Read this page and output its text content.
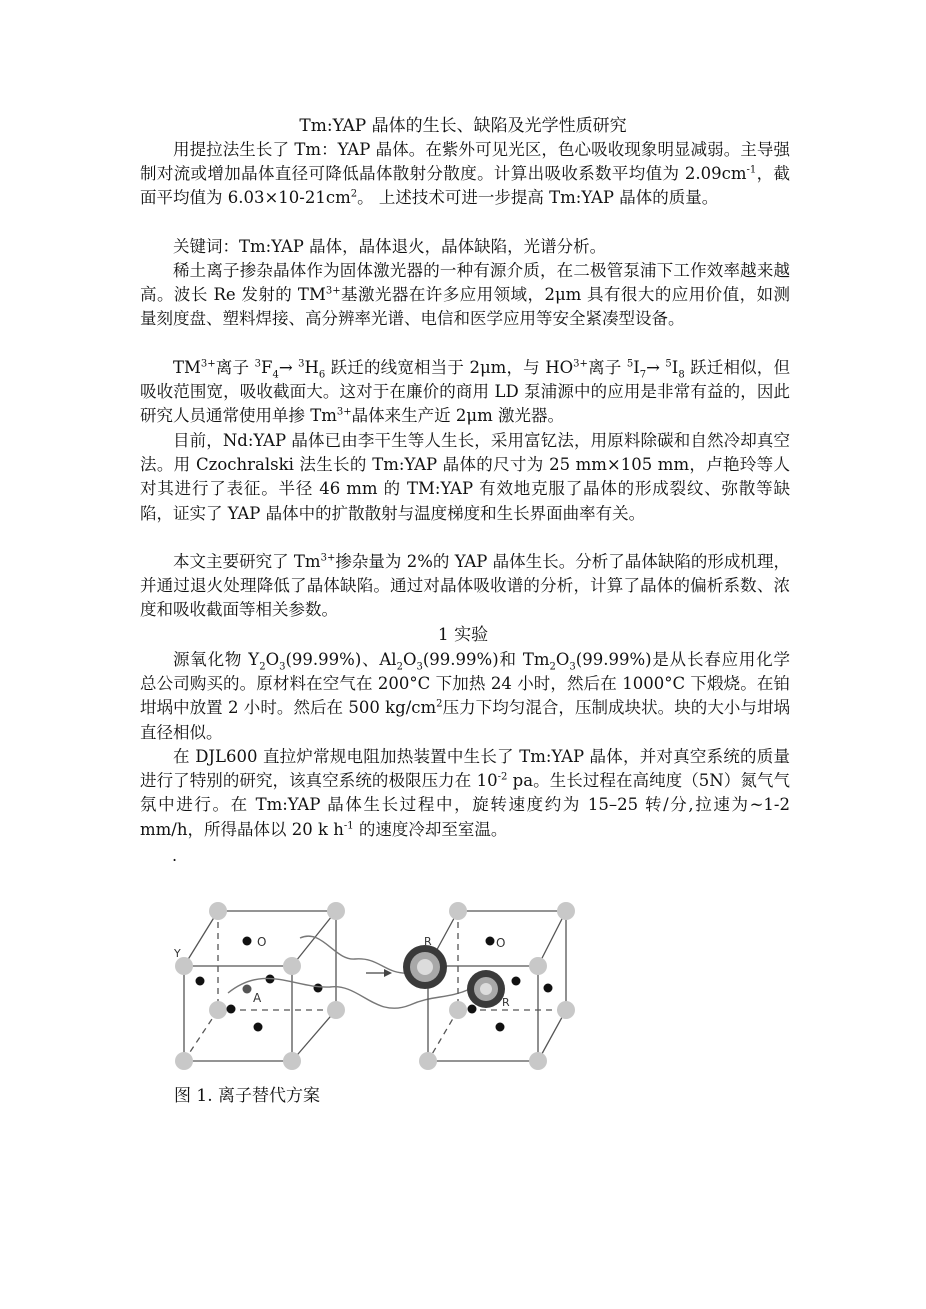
Tm:YAP 晶体的生长、缺陷及光学性质研究

用提拉法生长了 Tm：YAP 晶体。在紫外可见光区，色心吸收现象明显减弱。主导强制对流或增加晶体直径可降低晶体散射分散度。计算出吸收系数平均值为 $2.09cm^{-1}$，截面平均值为 $6.03\times 10-21cm^2$。 上述技术可进一步提高 Tm:YAP 晶体的质量。

关键词：Tm:YAP 晶体，晶体退火，晶体缺陷，光谱分析。

稀土离子掺杂晶体作为固体激光器的一种有源介质，在二极管泵浦下工作效率越来越高。波长 Re 发射的 $TM^{3+}$基激光器在许多应用领域，2μm 具有很大的应用价值，如测量刻度盘、塑料焊接、高分辨率光谱、电信和医学应用等安全紧凑型设备。

$TM^{3+}$离子 $^3F_4\to ^3H_6$ 跃迁的线宽相当于 2μm，与 $HO^{3+}$离子 $^5I_7\to ^5I_8$ 跃迁相似，但吸收范围宽，吸收截面大。这对于在廉价的商用 LD 泵浦源中的应用是非常有益的，因此研究人员通常使用单掺 $Tm^{3+}$晶体来生产近 2μm 激光器。

目前，Nd:YAP 晶体已由李干生等人生长，采用富钇法，用原料除碳和自然冷却真空法。用 Czochralski 法生长的 Tm:YAP 晶体的尺寸为 25 mm×105 mm，卢艳玲等人对其进行了表征。半径 46 mm 的 TM:YAP 有效地克服了晶体的形成裂纹、弥散等缺陷，证实了 YAP 晶体中的扩散散射与温度梯度和生长界面曲率有关。

本文主要研究了 $Tm^{3+}$掺杂量为 2%的 YAP 晶体生长。分析了晶体缺陷的形成机理，并通过退火处理降低了晶体缺陷。通过对晶体吸收谱的分析，计算了晶体的偏析系数、浓度和吸收截面等相关参数。

1 实验

源氧化物 $Y_2O_3(99.99\%)$、$Al_2O_3(99.99\%)$和 $Tm_2O_3(99.99\%)$是从长春应用化学总公司购买的。原材料在空气在 200°C 下加热 24 小时，然后在 1000°C 下煅烧。在铂坩埚中放置 2 小时。然后在 500 $kg/cm^2$压力下均匀混合，压制成块状。块的大小与坩埚直径相似。

在 DJL600 直拉炉常规电阻加热装置中生长了 Tm:YAP 晶体，并对真空系统的质量进行了特别的研究，该真空系统的极限压力在 $10^{-2}$ pa。生长过程在高纯度（5N）氮气气氛中进行。在 Tm:YAP 晶体生长过程中，旋转速度约为 15–25 转/分,拉速为~1-2 mm/h，所得晶体以 20 k $h^{-1}$ 的速度冷却至室温。

.
Y
O
A
R	O
R
图 1. 离子替代方案
